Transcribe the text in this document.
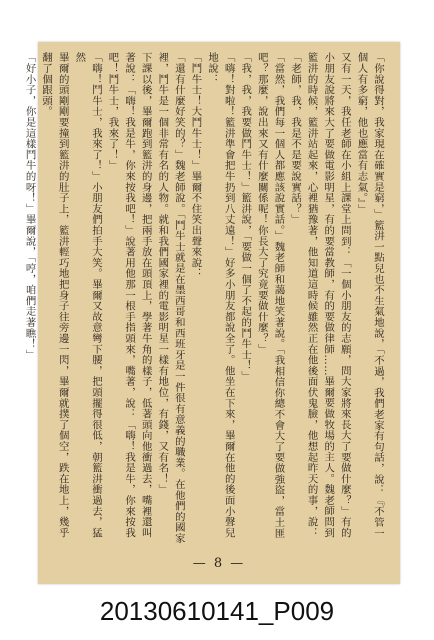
「你說得對，我家現在確實是窮，」籃汫一點兒也不生氣地說，「不過，我們老家有句話，說：『不管一個人有多窮，他也應當有志氣。』」

又有一天，我任老師在小組上課堂上問到：「一個小朋友的志願，問大家將來長大了要做什麼？」有的小朋友說將來大了要做電影明星，有的要當教師，有的要做律師……畢爾要做牧場的主人。魏老師問到籃汫的時候，籃汫站起來，心裡猶豫著，他知道這時候雖然正在他後面伏鬼臉，他想起昨天的事，說：「老師，我，我是不是要說實話？」

「當然，我們每一個人都應該說實話。」魏老師和藹地笑著說。「我相信你總不會大了要做強盜，當土匪吧？那麼，說出來又有什麼關係呢！你長大了究竟要做什麼？」

「我，我，我要做鬥牛士！」籃汫說，「要做一個了不起的鬥牛士！」

「嗨！對啦！籃汫準會把牛扔到八丈遠！」好多小朋友都說全了。他坐在下來，畢爾在他的後面小聲兒地說：

「鬥牛士！大鬥牛士！」畢爾不住笑出聲來說：

「還有什麼好笑的？」魏老師說。「鬥牛士就是在墨西哥和西班牙是一件很有意義的職業。在他們的國家裡，鬥牛是一個非常有名的人物。就和我們國家裡的電影明星一樣有地位，有錢，又有名！」

下課以後，畢爾跑到籃汫的身邊，把兩手放在頭頂上，學著牛角的樣子，低著頭向他衝過去，嘴裡還叫著說：「嗨！我是牛，你來按我吧！」說著用他那一根手指頭來，嘴著，說：「嗨！我是牛，你來按我吧！鬥牛士，我來了！」

「嗨！鬥牛士，我來了！」小朋友們拍手大笑。畢爾又故意彎下腰，把頭擺得很低，朝籃汫衝過去，猛然

畢爾的頭剛剛要撞到籃汫的肚子上，籃汫輕巧地把身子往旁邊一閃，畢爾就撲了個空，跌在地上，幾乎翻了個跟頭。

「好小子，你是這樣鬥牛的呀！」畢爾說，「哼，咱們走著瞧！」

— 8 —
20130610141_P009
